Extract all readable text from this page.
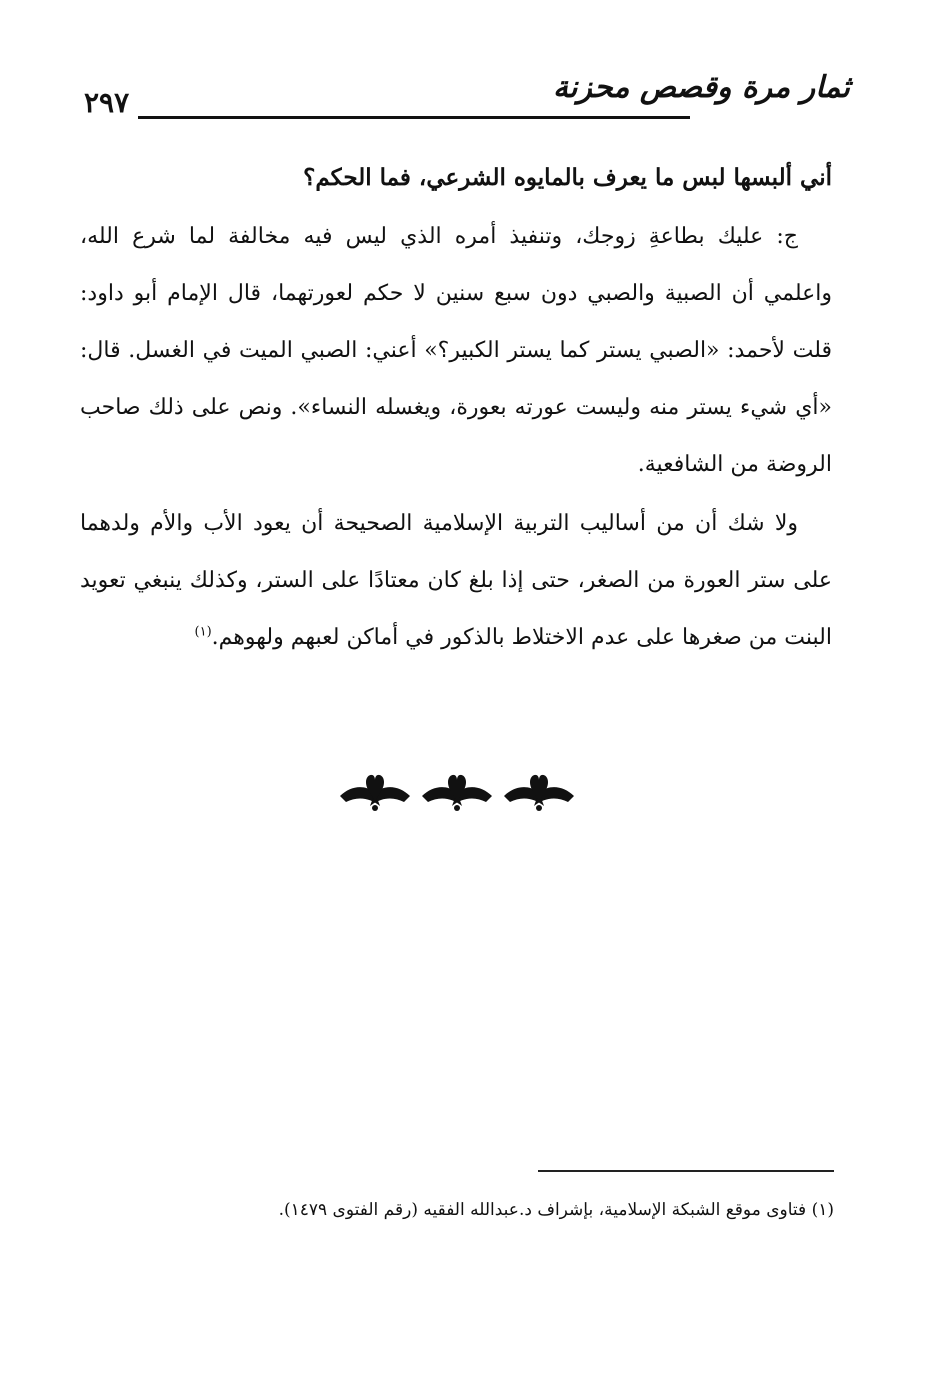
٢٩٧	ثمار مرة وقصص محزنة

أني ألبسها لبس ما يعرف بالمايوه الشرعي، فما الحكم؟

ج: عليك بطاعةِ زوجك، وتنفيذ أمره الذي ليس فيه مخالفة لما شرع الله، واعلمي أن الصبية والصبي دون سبع سنين لا حكم لعورتهما، قال الإمام أبو داود: قلت لأحمد: «الصبي يستر كما يستر الكبير؟» أعني: الصبي الميت في الغسل. قال: «أي شيء يستر منه وليست عورته بعورة، ويغسله النساء». ونص على ذلك صاحب الروضة من الشافعية.

ولا شك أن من أساليب التربية الإسلامية الصحيحة أن يعود الأب والأم ولدهما على ستر العورة من الصغر، حتى إذا بلغ كان معتادًا على الستر، وكذلك ينبغي تعويد البنت من صغرها على عدم الاختلاط بالذكور في أماكن لعبهم ولهوهم.$^{(١)}$

(١) فتاوى موقع الشبكة الإسلامية، بإشراف د.عبدالله الفقيه (رقم الفتوى ١٤٧٩).
